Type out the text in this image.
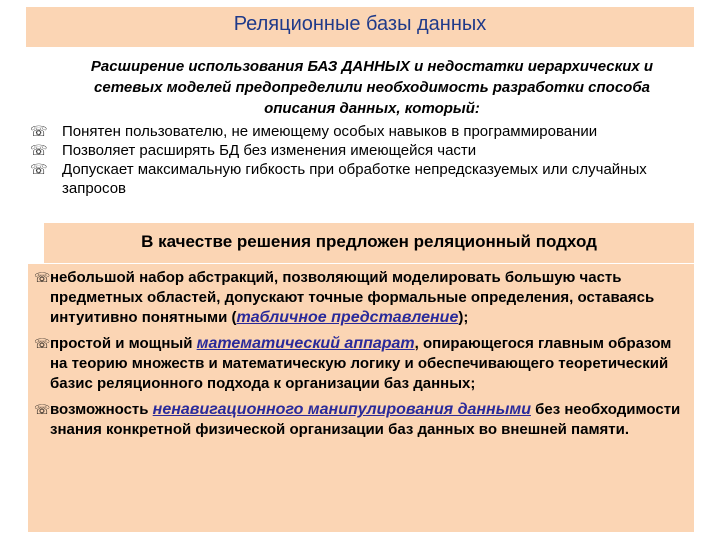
Реляционные базы данных
Расширение использования БАЗ ДАННЫХ и недостатки иерархических и сетевых моделей предопределили необходимость разработки способа описания данных, который:
☏ Понятен пользователю, не имеющему особых навыков в программировании
☏ Позволяет расширять БД без изменения имеющейся части
☏ Допускает максимальную гибкость при обработке непредсказуемых или случайных запросов
В качестве решения предложен реляционный подход
☏ небольшой набор абстракций, позволяющий моделировать большую часть предметных областей, допускают точные формальные определения, оставаясь интуитивно понятными (табличное представление);
☏ простой и мощный математический аппарат, опирающегося главным образом на теорию множеств и математическую логику и обеспечивающего теоретический базис реляционного подхода к организации баз данных;
☏ возможность ненавигационного манипулирования данными без необходимости знания конкретной физической организации баз данных во внешней памяти.
